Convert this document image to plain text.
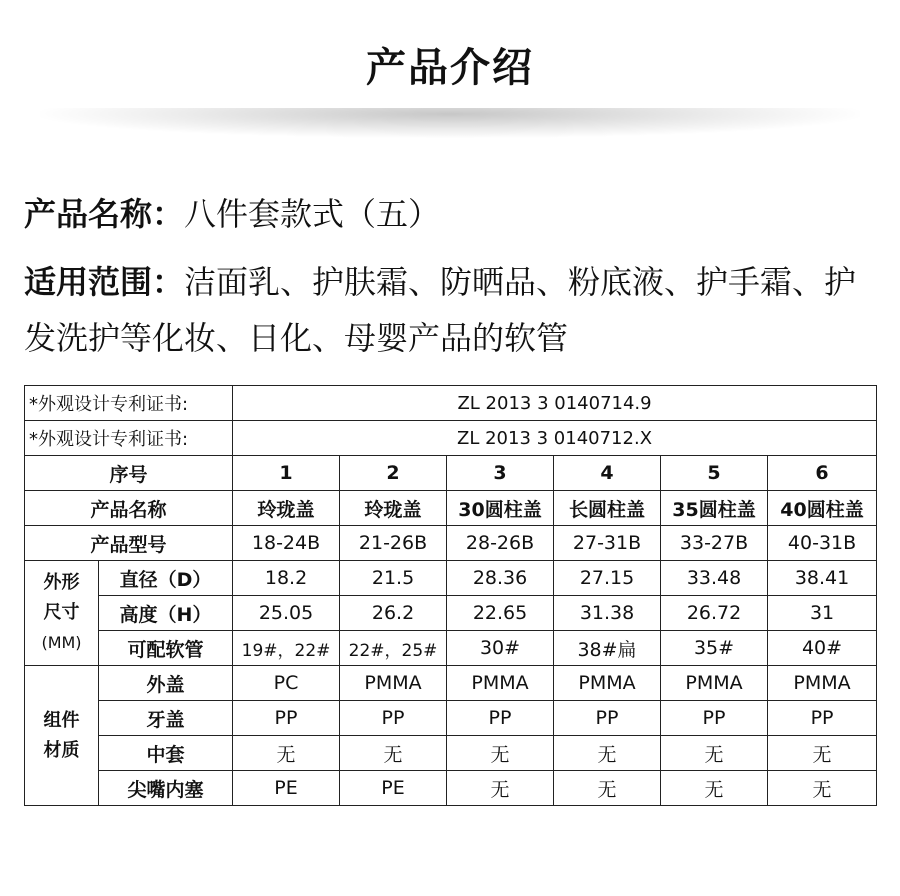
产品介绍
产品名称：八件套款式（五）
适用范围：洁面乳、护肤霜、防晒品、粉底液、护手霜、护发洗护等化妆、日化、母婴产品的软管
*外观设计专利证书:		ZL 2013 3 0140714.9					
*外观设计专利证书:		ZL 2013 3 0140712.X					
序号		1	2	3	4	5	6
产品名称		玲珑盖	玲珑盖	30圆柱盖	长圆柱盖	35圆柱盖	40圆柱盖
产品型号		18-24B	21-26B	28-26B	27-31B	33-27B	40-31B
外形
尺寸
(MM)	直径（D）	18.2	21.5	28.36	27.15	33.48	38.41
	高度（H）	25.05	26.2	22.65	31.38	26.72	31
	可配软管	19#，22#	22#，25#	30#	38#扁	35#	40#
组件
材质	外盖	PC	PMMA	PMMA	PMMA	PMMA	PMMA
	牙盖	PP	PP	PP	PP	PP	PP
	中套	无	无	无	无	无	无
	尖嘴内塞	PE	PE	无	无	无	无
